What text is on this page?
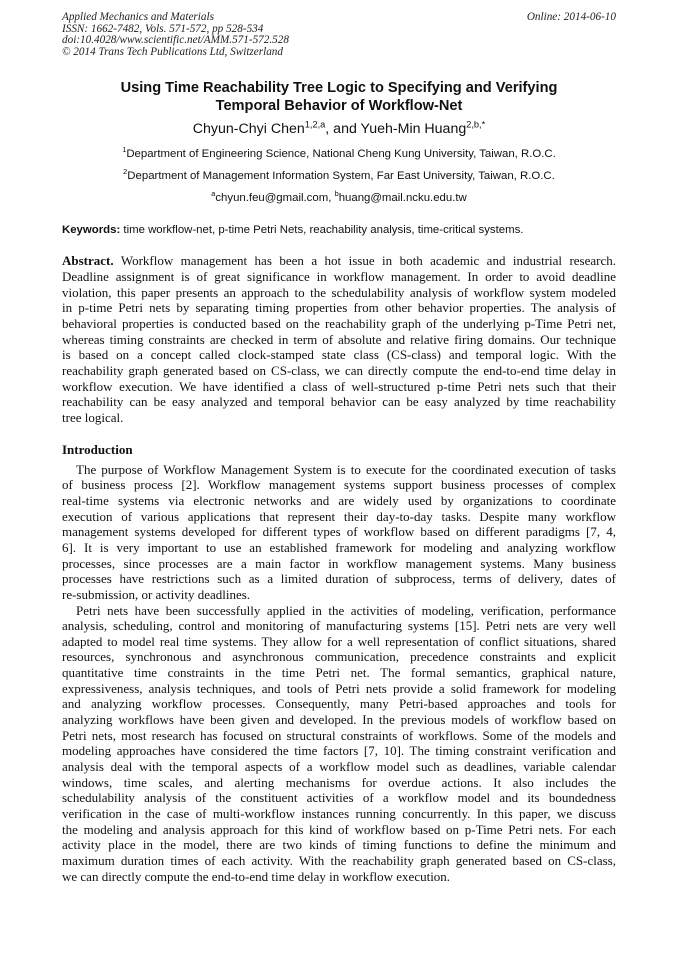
Applied Mechanics and Materials
ISSN: 1662-7482, Vols. 571-572, pp 528-534
doi:10.4028/www.scientific.net/AMM.571-572.528
© 2014 Trans Tech Publications Ltd, Switzerland
Online: 2014-06-10
Using Time Reachability Tree Logic to Specifying and Verifying
Temporal Behavior of Workflow-Net
Chyun-Chyi Chen$^{1,2,a}$, and Yueh-Min Huang$^{2,b,*}$
$^1$Department of Engineering Science, National Cheng Kung University, Taiwan, R.O.C.
$^2$Department of Management Information System, Far East University, Taiwan, R.O.C.
$^a$chyun.feu@gmail.com, $^b$huang@mail.ncku.edu.tw
Keywords: time workflow-net, p-time Petri Nets, reachability analysis, time-critical systems.
Abstract. Workflow management has been a hot issue in both academic and industrial research.
Deadline assignment is of great significance in workflow management. In order to avoid deadline
violation, this paper presents an approach to the schedulability analysis of workflow system modeled
in p-time Petri nets by separating timing properties from other behavior properties. The analysis of
behavioral properties is conducted based on the reachability graph of the underlying p-Time Petri net,
whereas timing constraints are checked in term of absolute and relative firing domains. Our technique
is based on a concept called clock-stamped state class (CS-class) and temporal logic. With the
reachability graph generated based on CS-class, we can directly compute the end-to-end time delay in
workflow execution. We have identified a class of well-structured p-time Petri nets such that their
reachability can be easy analyzed and temporal behavior can be easy analyzed by time reachability
tree logical.
Introduction
The purpose of Workflow Management System is to execute for the coordinated execution of tasks
of business process [2]. Workflow management systems support business processes of complex
real-time systems via electronic networks and are widely used by organizations to coordinate
execution of various applications that represent their day-to-day tasks. Despite many workflow
management systems developed for different types of workflow based on different paradigms [7, 4,
6]. It is very important to use an established framework for modeling and analyzing workflow
processes, since processes are a main factor in workflow management systems. Many business
processes have restrictions such as a limited duration of subprocess, terms of delivery, dates of
re-submission, or activity deadlines.
Petri nets have been successfully applied in the activities of modeling, verification, performance
analysis, scheduling, control and monitoring of manufacturing systems [15]. Petri nets are very well
adapted to model real time systems. They allow for a well representation of conflict situations, shared
resources, synchronous and asynchronous communication, precedence constraints and explicit
quantitative time constraints in the time Petri net. The formal semantics, graphical nature,
expressiveness, analysis techniques, and tools of Petri nets provide a solid framework for modeling
and analyzing workflow processes. Consequently, many Petri-based approaches and tools for
analyzing workflows have been given and developed. In the previous models of workflow based on
Petri nets, most research has focused on structural constraints of workflows. Some of the models and
modeling approaches have considered the time factors [7, 10]. The timing constraint verification and
analysis deal with the temporal aspects of a workflow model such as deadlines, variable calendar
windows, time scales, and alerting mechanisms for overdue actions. It also includes the
schedulability analysis of the constituent activities of a workflow model and its boundedness
verification in the case of multi-workflow instances running concurrently. In this paper, we discuss
the modeling and analysis approach for this kind of workflow based on p-Time Petri nets. For each
activity place in the model, there are two kinds of timing functions to define the minimum and
maximum duration times of each activity. With the reachability graph generated based on CS-class,
we can directly compute the end-to-end time delay in workflow execution.
